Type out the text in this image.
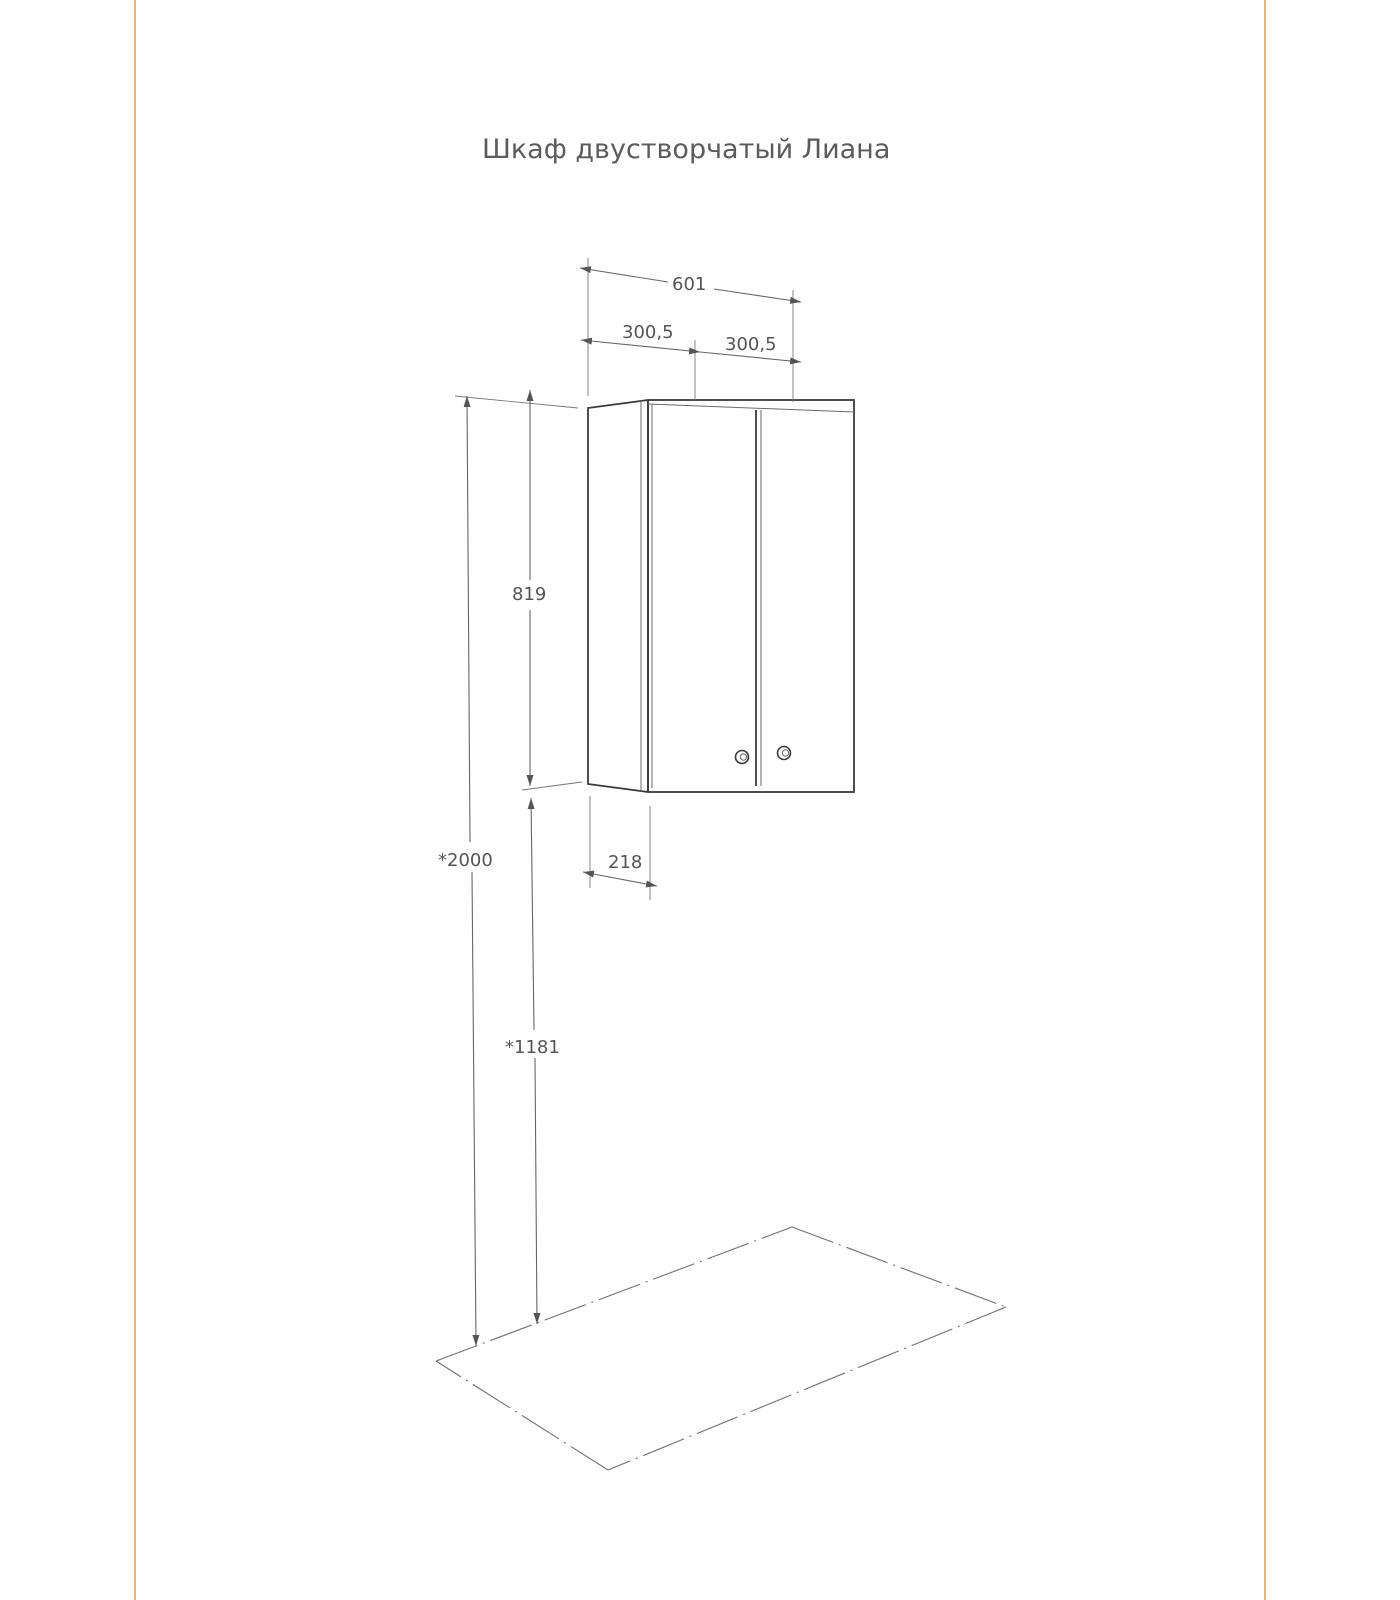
Шкаф двустворчатый Лиана
601
300,5
300,5
819
*2000
*1181
218
